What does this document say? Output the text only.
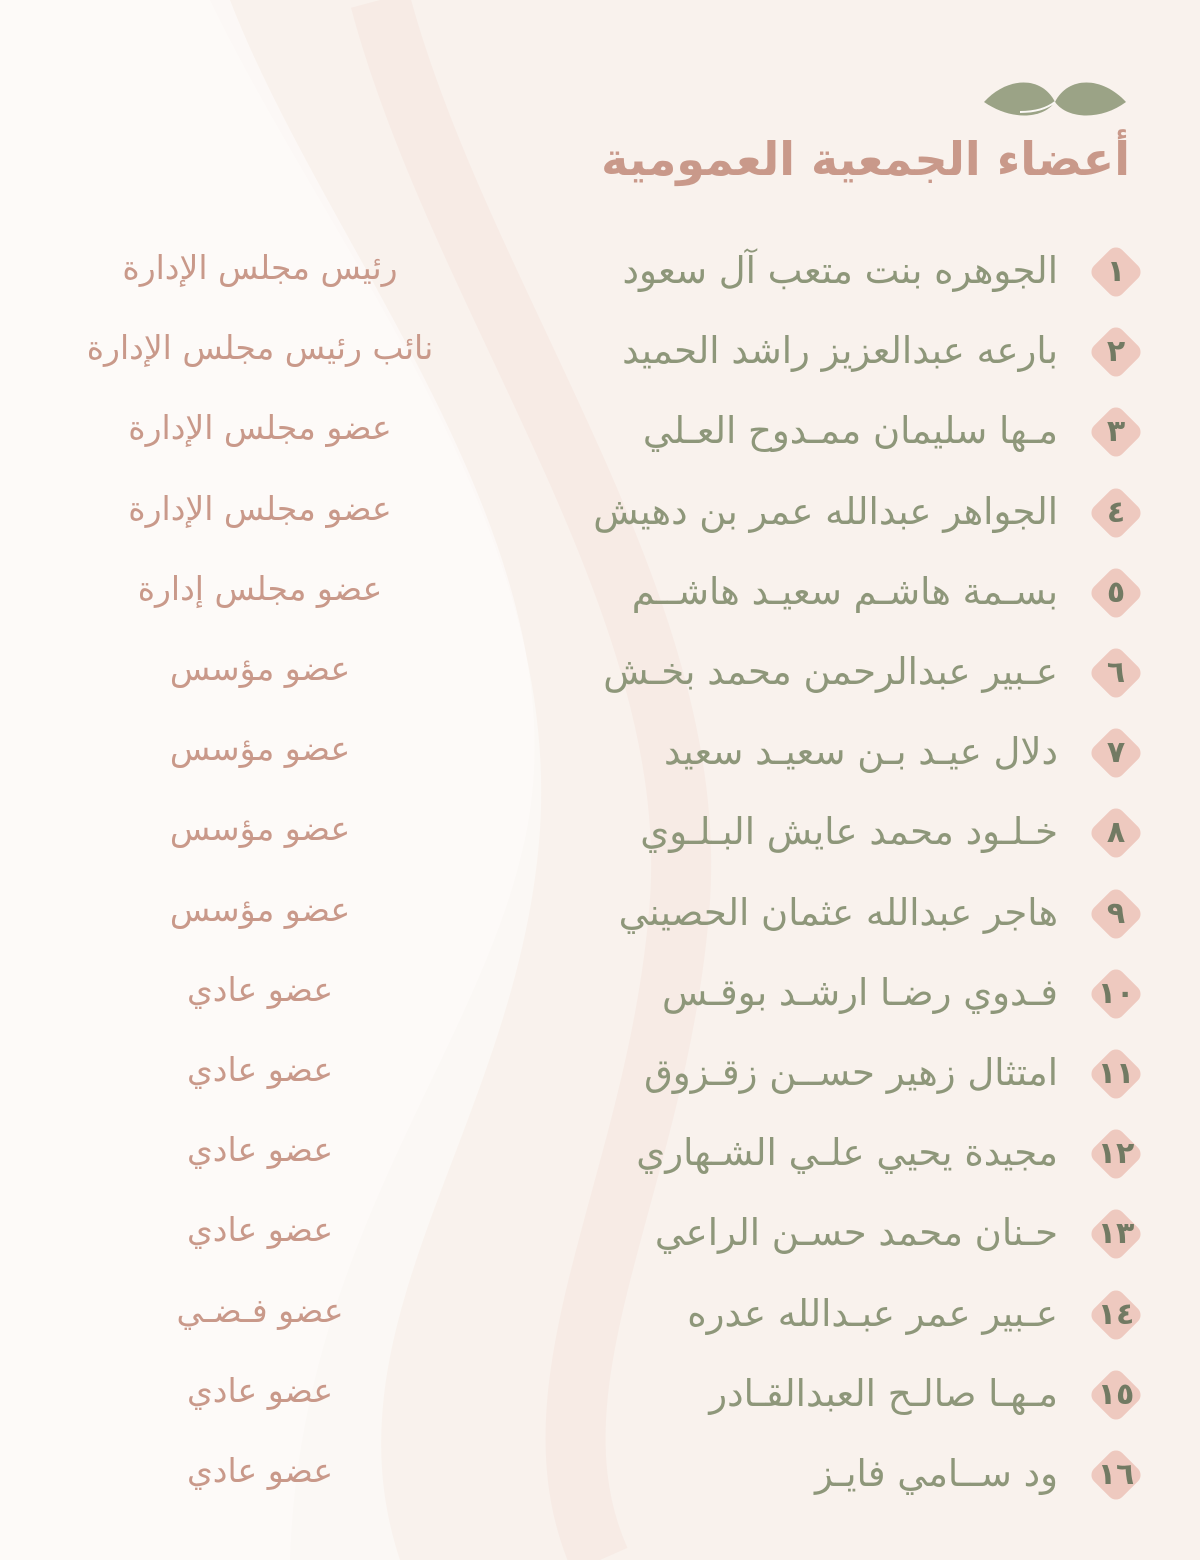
أعضاء الجمعية العمومية
١
الجوهره بنت متعب آل سعود
رئيس مجلس الإدارة
٢
بارعه عبدالعزيز راشد الحميد
نائب رئيس مجلس الإدارة
٣
مـها سليمان ممـدوح العـلي
عضو مجلس الإدارة
٤
الجواهر عبدالله عمر بن دهيش
عضو مجلس الإدارة
٥
بسـمة هاشـم سعيـد هاشــم
عضو مجلس إدارة
٦
عـبير عبدالرحمن محمد بخـش
عضو مؤسس
٧
دلال عيـد بـن سعيـد سعيد
عضو مؤسس
٨
خـلـود محمد عايش البـلـوي
عضو مؤسس
٩
هاجر عبدالله عثمان الحصيني
عضو مؤسس
١٠
فـدوي رضـا ارشـد بوقـس
عضو عادي
١١
امتثال زهير حســن زقـزوق
عضو عادي
١٢
مجيدة يحيي علـي الشـهاري
عضو عادي
١٣
حـنان محمد حسـن الراعي
عضو عادي
١٤
عـبير عمر عبـدالله عدره
عضو فـضـي
١٥
مـهـا صالـح العبدالقـادر
عضو عادي
١٦
ود ســامي فايـز
عضو عادي
